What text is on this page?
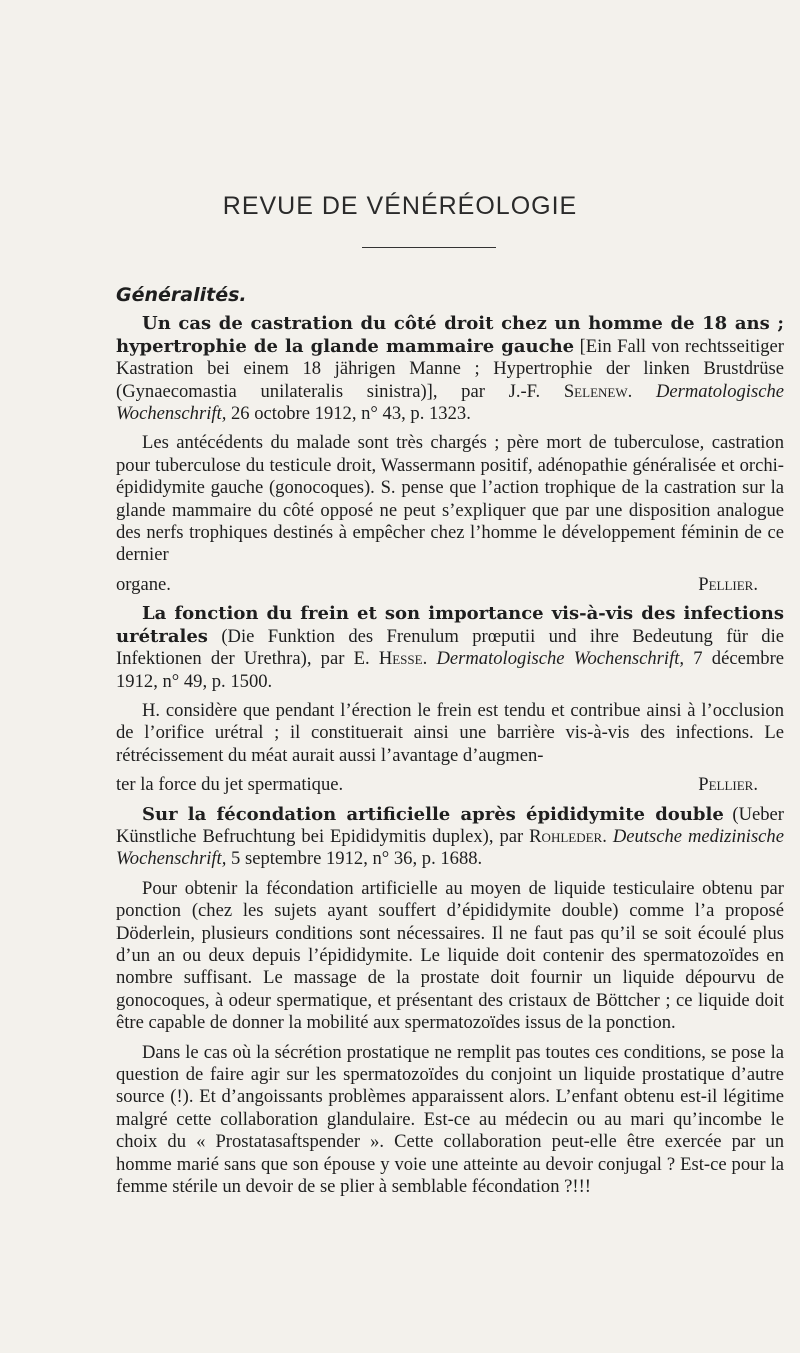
REVUE DE VÉNÉRÉOLOGIE
Généralités.

Un cas de castration du côté droit chez un homme de 18 ans ; hypertrophie de la glande mammaire gauche [Ein Fall von rechtsseitiger Kastration bei einem 18 jährigen Manne ; Hypertrophie der linken Brustdrüse (Gynaecomastia unilateralis sinistra)], par J.-F. Selenew. Dermatologische Wochenschrift, 26 octobre 1912, n° 43, p. 1323.

Les antécédents du malade sont très chargés ; père mort de tuberculose, castration pour tuberculose du testicule droit, Wassermann positif, adénopathie généralisée et orchi-épididymite gauche (gonocoques). S. pense que l’action trophique de la castration sur la glande mammaire du côté opposé ne peut s’expliquer que par une disposition analogue des nerfs trophiques destinés à empêcher chez l’homme le développement féminin de ce dernier

organe.	Pellier.

La fonction du frein et son importance vis-à-vis des infections urétrales (Die Funktion des Frenulum prœputii und ihre Bedeutung für die Infektionen der Urethra), par E. Hesse. Dermatologische Wochenschrift, 7 décembre 1912, n° 49, p. 1500.

H. considère que pendant l’érection le frein est tendu et contribue ainsi à l’occlusion de l’orifice urétral ; il constituerait ainsi une barrière vis-à-vis des infections. Le rétrécissement du méat aurait aussi l’avantage d’augmen-

ter la force du jet spermatique.	Pellier.

Sur la fécondation artificielle après épididymite double (Ueber Künstliche Befruchtung bei Epididymitis duplex), par Rohleder. Deutsche medizinische Wochenschrift, 5 septembre 1912, n° 36, p. 1688.

Pour obtenir la fécondation artificielle au moyen de liquide testiculaire obtenu par ponction (chez les sujets ayant souffert d’épididymite double) comme l’a proposé Döderlein, plusieurs conditions sont nécessaires. Il ne faut pas qu’il se soit écoulé plus d’un an ou deux depuis l’épididymite. Le liquide doit contenir des spermatozoïdes en nombre suffisant. Le massage de la prostate doit fournir un liquide dépourvu de gonocoques, à odeur spermatique, et présentant des cristaux de Böttcher ; ce liquide doit être capable de donner la mobilité aux spermatozoïdes issus de la ponction.

Dans le cas où la sécrétion prostatique ne remplit pas toutes ces conditions, se pose la question de faire agir sur les spermatozoïdes du conjoint un liquide prostatique d’autre source (!). Et d’angoissants problèmes apparaissent alors. L’enfant obtenu est-il légitime malgré cette collaboration glandulaire. Est-ce au médecin ou au mari qu’incombe le choix du « Prostatasaftspender ». Cette collaboration peut-elle être exercée par un homme marié sans que son épouse y voie une atteinte au devoir conjugal ? Est-ce pour la femme stérile un devoir de se plier à semblable fécondation ?!!!
